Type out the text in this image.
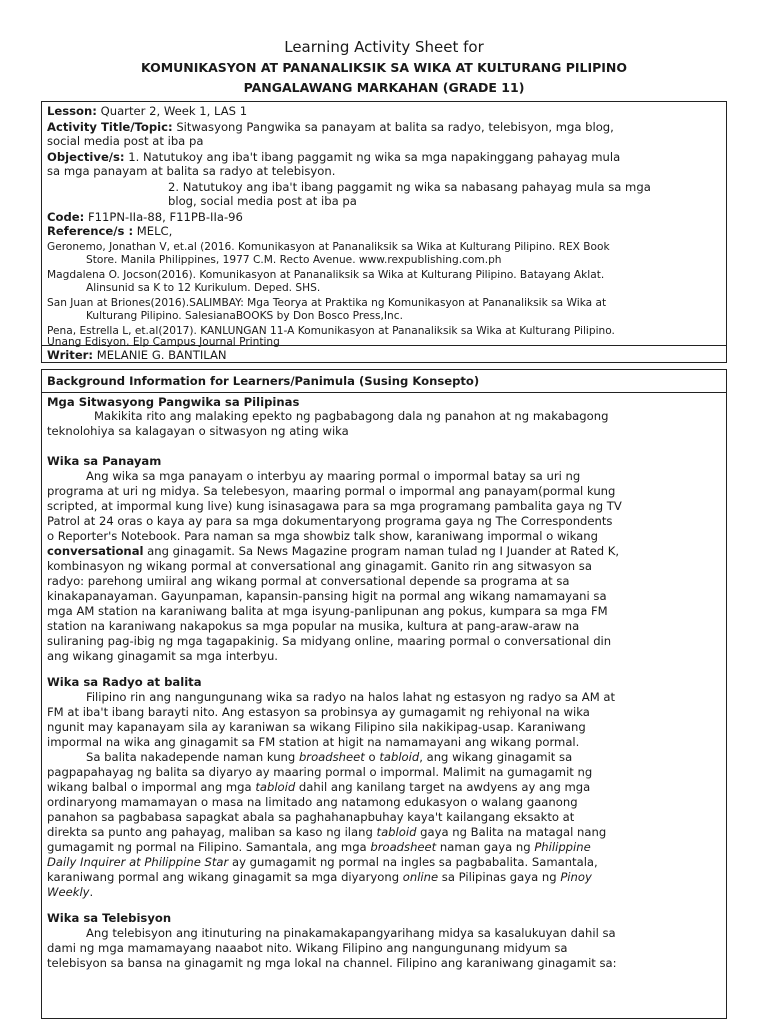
Learning Activity Sheet for
KOMUNIKASYON AT PANANALIKSIK SA WIKA AT KULTURANG PILIPINO
PANGALAWANG MARKAHAN (GRADE 11)
Lesson: Quarter 2, Week 1, LAS 1
Activity Title/Topic: Sitwasyong Pangwika sa panayam at balita sa radyo, telebisyon, mga blog,
social media post at iba pa
Objective/s: 1. Natutukoy ang iba't ibang paggamit ng wika sa mga napakinggang pahayag mula
sa mga panayam at balita sa radyo at telebisyon.
2. Natutukoy ang iba't ibang paggamit ng wika sa nabasang pahayag mula sa mga
blog, social media post at iba pa
Code: F11PN-IIa-88, F11PB-IIa-96
Reference/s : MELC,
Geronemo, Jonathan V, et.al (2016. Komunikasyon at Pananaliksik sa Wika at Kulturang Pilipino. REX Book
Store. Manila Philippines, 1977 C.M. Recto Avenue. www.rexpublishing.com.ph
Magdalena O. Jocson(2016). Komunikasyon at Pananaliksik sa Wika at Kulturang Pilipino. Batayang Aklat.
Alinsunid sa K to 12 Kurikulum. Deped. SHS.
San Juan at Briones(2016).SALIMBAY: Mga Teorya at Praktika ng Komunikasyon at Pananaliksik sa Wika at
Kulturang Pilipino. SalesianaBOOKS by Don Bosco Press,Inc.
Pena, Estrella L, et.al(2017). KANLUNGAN 11-A Komunikasyon at Pananaliksik sa Wika at Kulturang Pilipino.
Unang Edisyon. Elp Campus Journal Printing
Writer: MELANIE G. BANTILAN
Background Information for Learners/Panimula (Susing Konsepto)
Mga Sitwasyong Pangwika sa Pilipinas
Makikita rito ang malaking epekto ng pagbabagong dala ng panahon at ng makabagong
teknolohiya sa kalagayan o sitwasyon ng ating wika
Wika sa Panayam
Ang wika sa mga panayam o interbyu ay maaring pormal o impormal batay sa uri ng
programa at uri ng midya. Sa telebesyon, maaring pormal o impormal ang panayam(pormal kung
scripted, at impormal kung live) kung isinasagawa para sa mga programang pambalita gaya ng TV
Patrol at 24 oras o kaya ay para sa mga dokumentaryong programa gaya ng The Correspondents
o Reporter's Notebook. Para naman sa mga showbiz talk show, karaniwang impormal o wikang
conversational ang ginagamit. Sa News Magazine program naman tulad ng I Juander at Rated K,
kombinasyon ng wikang pormal at conversational ang ginagamit. Ganito rin ang sitwasyon sa
radyo: parehong umiiral ang wikang pormal at conversational depende sa programa at sa
kinakapanayaman. Gayunpaman, kapansin-pansing higit na pormal ang wikang namamayani sa
mga AM station na karaniwang balita at mga isyung-panlipunan ang pokus, kumpara sa mga FM
station na karaniwang nakapokus sa mga popular na musika, kultura at pang-araw-araw na
suliraning pag-ibig ng mga tagapakinig. Sa midyang online, maaring pormal o conversational din
ang wikang ginagamit sa mga interbyu.
Wika sa Radyo at balita
Filipino rin ang nangungunang wika sa radyo na halos lahat ng estasyon ng radyo sa AM at
FM at iba't ibang barayti nito. Ang estasyon sa probinsya ay gumagamit ng rehiyonal na wika
ngunit may kapanayam sila ay karaniwan sa wikang Filipino sila nakikipag-usap. Karaniwang
impormal na wika ang ginagamit sa FM station at higit na namamayani ang wikang pormal.
Sa balita nakadepende naman kung broadsheet o tabloid, ang wikang ginagamit sa
pagpapahayag ng balita sa diyaryo ay maaring pormal o impormal. Malimit na gumagamit ng
wikang balbal o impormal ang mga tabloid dahil ang kanilang target na awdyens ay ang mga
ordinaryong mamamayan o masa na limitado ang natamong edukasyon o walang gaanong
panahon sa pagbabasa sapagkat abala sa paghahanapbuhay kaya't kailangang eksakto at
direkta sa punto ang pahayag, maliban sa kaso ng ilang tabloid gaya ng Balita na matagal nang
gumagamit ng pormal na Filipino. Samantala, ang mga broadsheet naman gaya ng Philippine
Daily Inquirer at Philippine Star ay gumagamit ng pormal na ingles sa pagbabalita. Samantala,
karaniwang pormal ang wikang ginagamit sa mga diyaryong online sa Pilipinas gaya ng Pinoy
Weekly.
Wika sa Telebisyon
Ang telebisyon ang itinuturing na pinakamakapangyarihang midya sa kasalukuyan dahil sa
dami ng mga mamamayang naaabot nito. Wikang Filipino ang nangungunang midyum sa
telebisyon sa bansa na ginagamit ng mga lokal na channel. Filipino ang karaniwang ginagamit sa:
